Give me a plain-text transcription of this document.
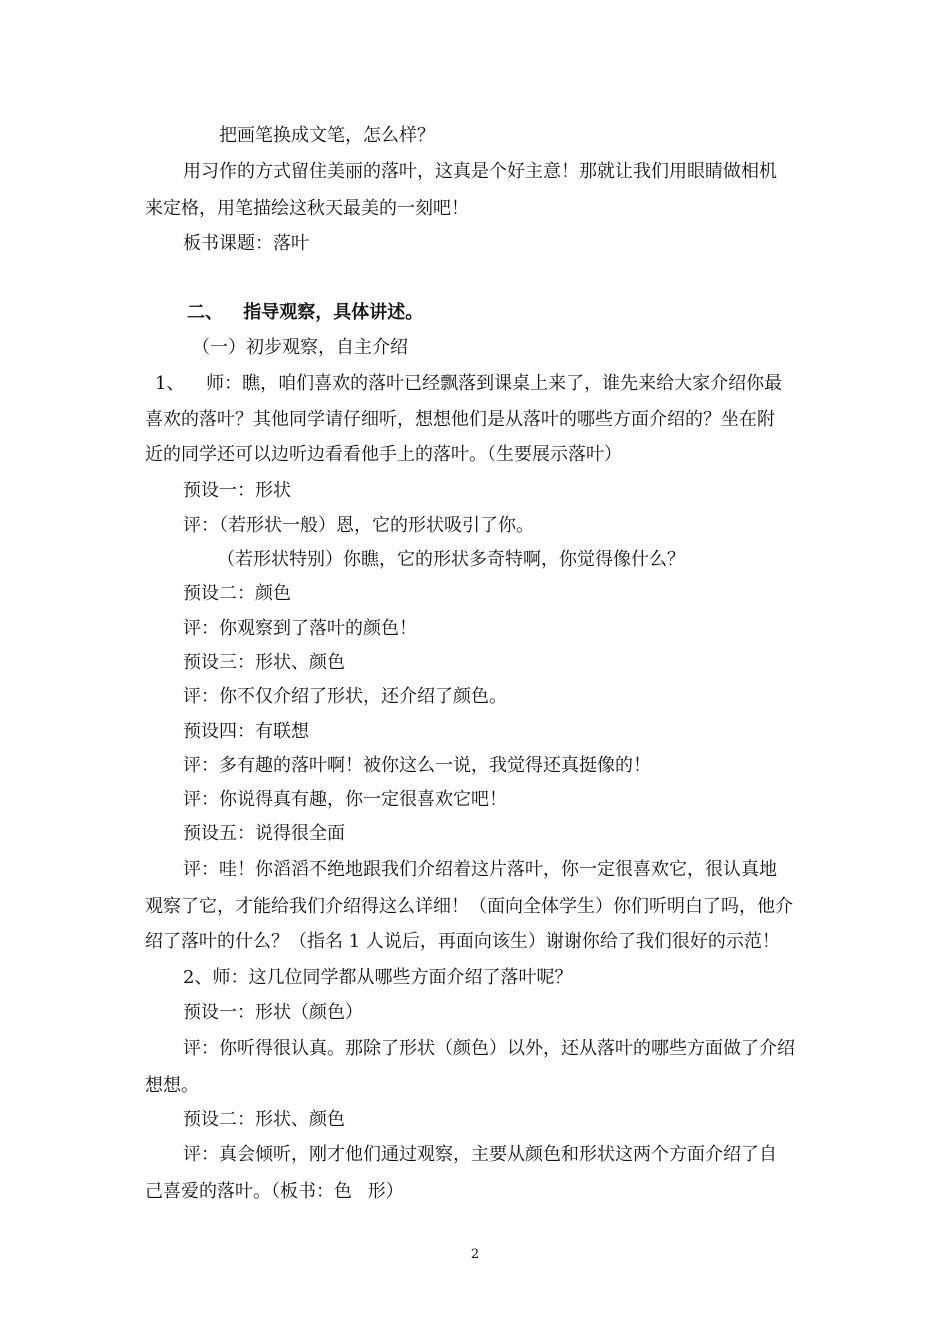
把画笔换成文笔，怎么样？
用习作的方式留住美丽的落叶，这真是个好主意！那就让我们用眼睛做相机
来定格，用笔描绘这秋天最美的一刻吧！
板书课题：落叶
二、 指导观察，具体讲述。
（一）初步观察，自主介绍
1、 师：瞧，咱们喜欢的落叶已经飘落到课桌上来了，谁先来给大家介绍你最
喜欢的落叶？其他同学请仔细听，想想他们是从落叶的哪些方面介绍的？坐在附
近的同学还可以边听边看看他手上的落叶。（生要展示落叶）
预设一：形状
评：（若形状一般）恩，它的形状吸引了你。
（若形状特别）你瞧，它的形状多奇特啊，你觉得像什么？
预设二：颜色
评：你观察到了落叶的颜色！
预设三：形状、颜色
评：你不仅介绍了形状，还介绍了颜色。
预设四：有联想
评：多有趣的落叶啊！被你这么一说，我觉得还真挺像的！
评：你说得真有趣，你一定很喜欢它吧！
预设五：说得很全面
评：哇！你滔滔不绝地跟我们介绍着这片落叶，你一定很喜欢它，很认真地
观察了它，才能给我们介绍得这么详细！（面向全体学生）你们听明白了吗，他介
绍了落叶的什么？（指名 1 人说后，再面向该生）谢谢你给了我们很好的示范！
2、师：这几位同学都从哪些方面介绍了落叶呢？
预设一：形状（颜色）
评：你听得很认真。那除了形状（颜色）以外，还从落叶的哪些方面做了介绍
想想。
预设二：形状、颜色
评：真会倾听，刚才他们通过观察，主要从颜色和形状这两个方面介绍了自
己喜爱的落叶。（板书：色 形）
2
